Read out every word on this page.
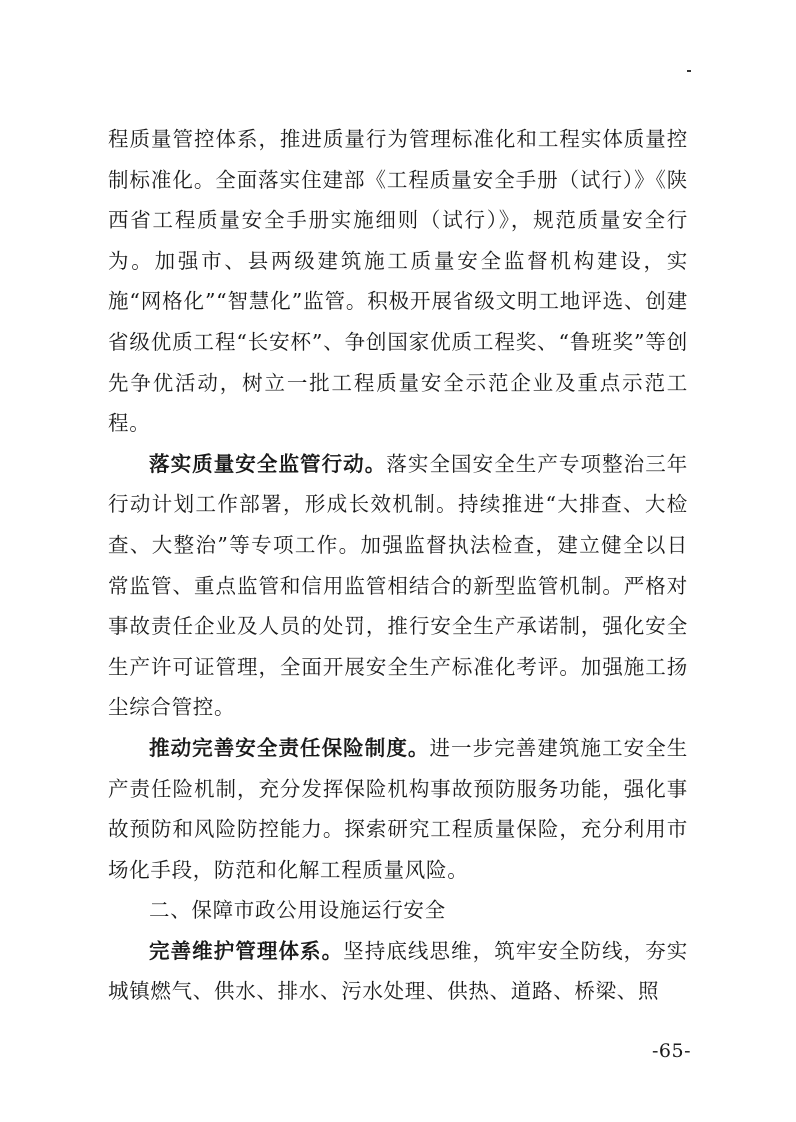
程质量管控体系，推进质量行为管理标准化和工程实体质量控制标准化。全面落实住建部《工程质量安全手册（试行）》《陕西省工程质量安全手册实施细则（试行）》，规范质量安全行为。加强市、县两级建筑施工质量安全监督机构建设，实施“网格化”“智慧化”监管。积极开展省级文明工地评选、创建省级优质工程“长安杯”、争创国家优质工程奖、“鲁班奖”等创先争优活动，树立一批工程质量安全示范企业及重点示范工程。

落实质量安全监管行动。落实全国安全生产专项整治三年行动计划工作部署，形成长效机制。持续推进“大排查、大检查、大整治”等专项工作。加强监督执法检查，建立健全以日常监管、重点监管和信用监管相结合的新型监管机制。严格对事故责任企业及人员的处罚，推行安全生产承诺制，强化安全生产许可证管理，全面开展安全生产标准化考评。加强施工扬尘综合管控。

推动完善安全责任保险制度。进一步完善建筑施工安全生产责任险机制，充分发挥保险机构事故预防服务功能，强化事故预防和风险防控能力。探索研究工程质量保险，充分利用市场化手段，防范和化解工程质量风险。

二、保障市政公用设施运行安全

完善维护管理体系。坚持底线思维，筑牢安全防线，夯实城镇燃气、供水、排水、污水处理、供热、道路、桥梁、照

-65-
